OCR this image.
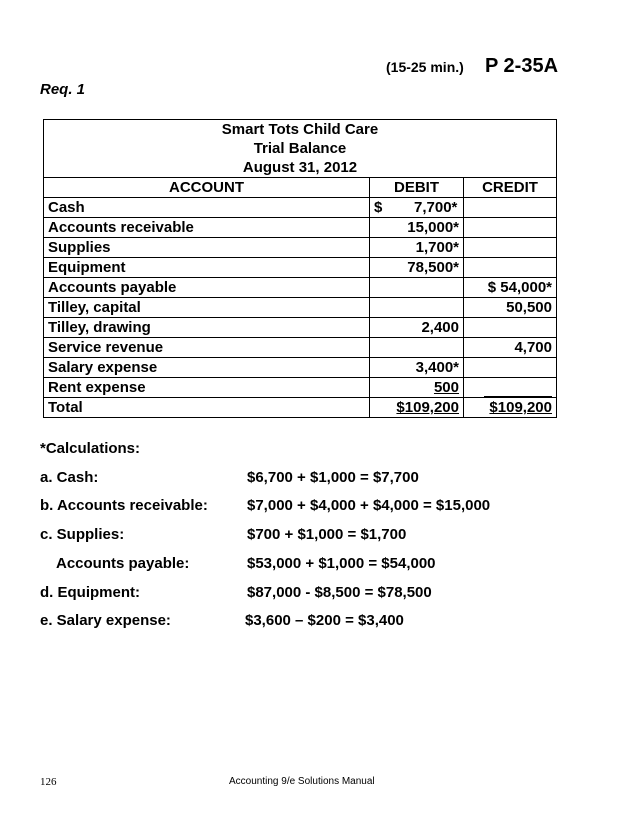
(15-25 min.) P 2-35A
Req. 1
Smart Tots Child Care		
Trial Balance		
August 31, 2012		
ACCOUNT	DEBIT	CREDIT
Cash	$ 7,700*	
Accounts receivable	15,000*	
Supplies	1,700*	
Equipment	78,500*	
Accounts payable		$ 54,000*
Tilley, capital		50,500
Tilley, drawing	2,400	
Service revenue		4,700
Salary expense	3,400*	
Rent expense	500	
Total	$109,200	$109,200
*Calculations:
a. Cash:	$6,700 + $1,000 = $7,700
b. Accounts receivable:	$7,000 + $4,000 + $4,000 = $15,000
c. Supplies:	$700 + $1,000 = $1,700
Accounts payable:	$53,000 + $1,000 = $54,000
d. Equipment:	$87,000 - $8,500 = $78,500
e. Salary expense:	$3,600 – $200 = $3,400
126	Accounting 9/e Solutions Manual
